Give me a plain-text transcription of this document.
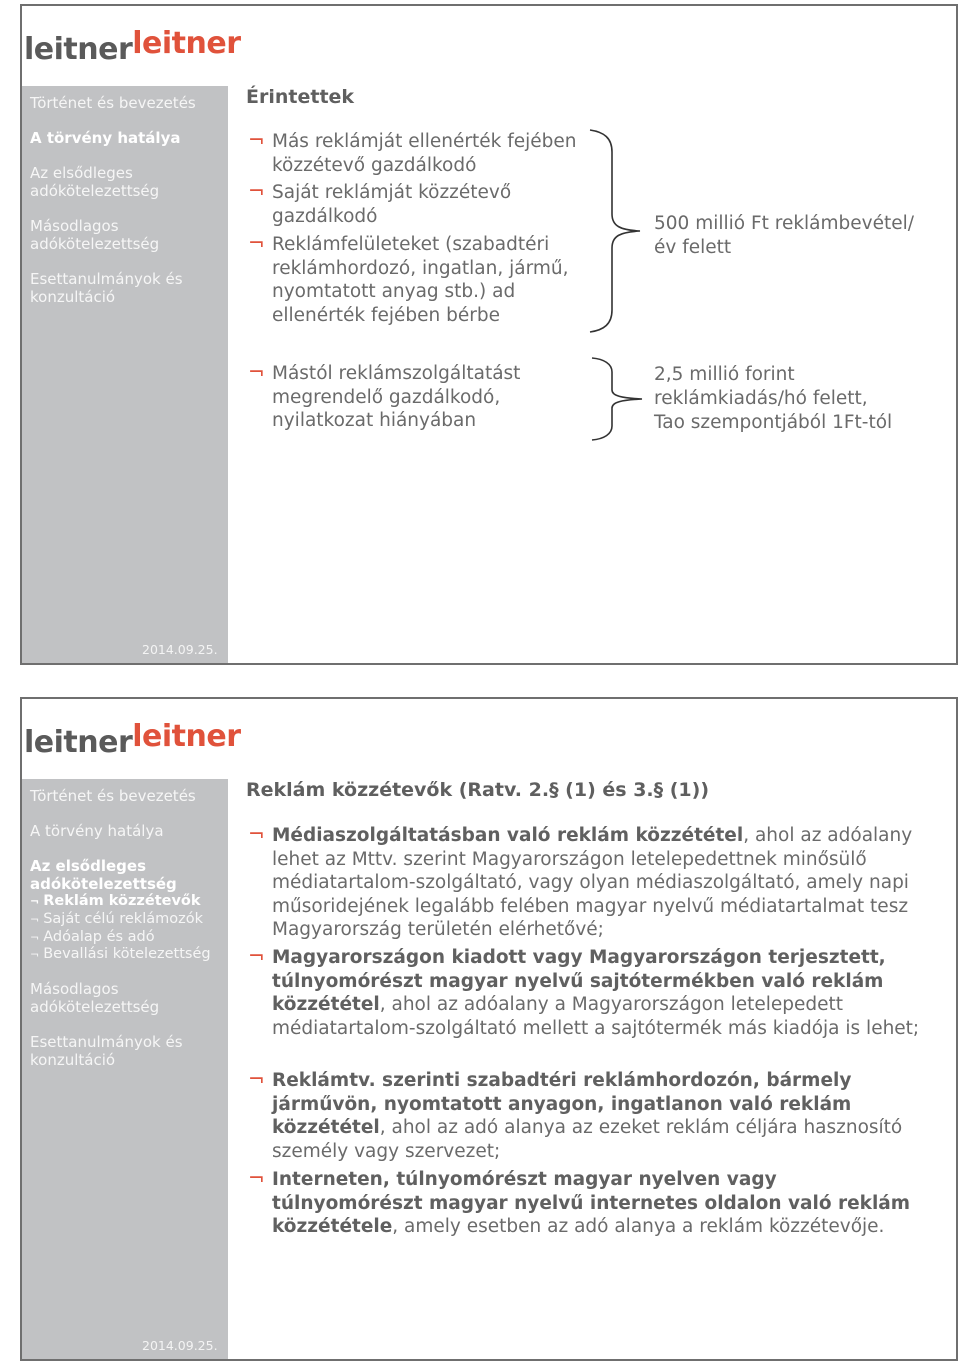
leitnerleitner
Történet és bevezetés
A törvény hatálya
Az elsődleges adókötelezettség
Másodlagos adókötelezettség
Esettanulmányok és konzultáció
2014.09.25.
Érintettek
¬ Más reklámját ellenérték fejében közzétevő gazdálkodó
¬ Saját reklámját közzétevő gazdálkodó
¬ Reklámfelületeket (szabadtéri reklámhordozó, ingatlan, jármű, nyomtatott anyag stb.) ad ellenérték fejében bérbe
500 millió Ft reklámbevétel/év felett
¬ Mástól reklámszolgáltatást megrendelő gazdálkodó, nyilatkozat hiányában
2,5 millió forint
reklámkiadás/hó felett,
Tao szempontjából 1Ft-tól
leitnerleitner
Történet és bevezetés
A törvény hatálya
Az elsődleges adókötelezettség
¬ Reklám közzétevők
¬ Saját célú reklámozók
¬ Adóalap és adó
¬ Bevallási kötelezettség
Másodlagos adókötelezettség
Esettanulmányok és konzultáció
2014.09.25.
Reklám közzétevők (Ratv. 2.§ (1) és 3.§ (1))
¬ Médiaszolgáltatásban való reklám közzététel, ahol az adóalany lehet az Mttv. szerint Magyarországon letelepedettnek minősülő médiatartalom-szolgáltató, vagy olyan médiaszolgáltató, amely napi műsoridejének legalább felében magyar nyelvű médiatartalmat tesz Magyarország területén elérhetővé;
¬ Magyarországon kiadott vagy Magyarországon terjesztett, túlnyomórészt magyar nyelvű sajtótermékben való reklám közzététel, ahol az adóalany a Magyarországon letelepedett médiatartalom-szolgáltató mellett a sajtótermék más kiadója is lehet;
¬ Reklámtv. szerinti szabadtéri reklámhordozón, bármely járművön, nyomtatott anyagon, ingatlanon való reklám közzététel, ahol az adó alanya az ezeket reklám céljára hasznosító személy vagy szervezet;
¬ Interneten, túlnyomórészt magyar nyelven vagy túlnyomórészt magyar nyelvű internetes oldalon való reklám közzététele, amely esetben az adó alanya a reklám közzétevője.
